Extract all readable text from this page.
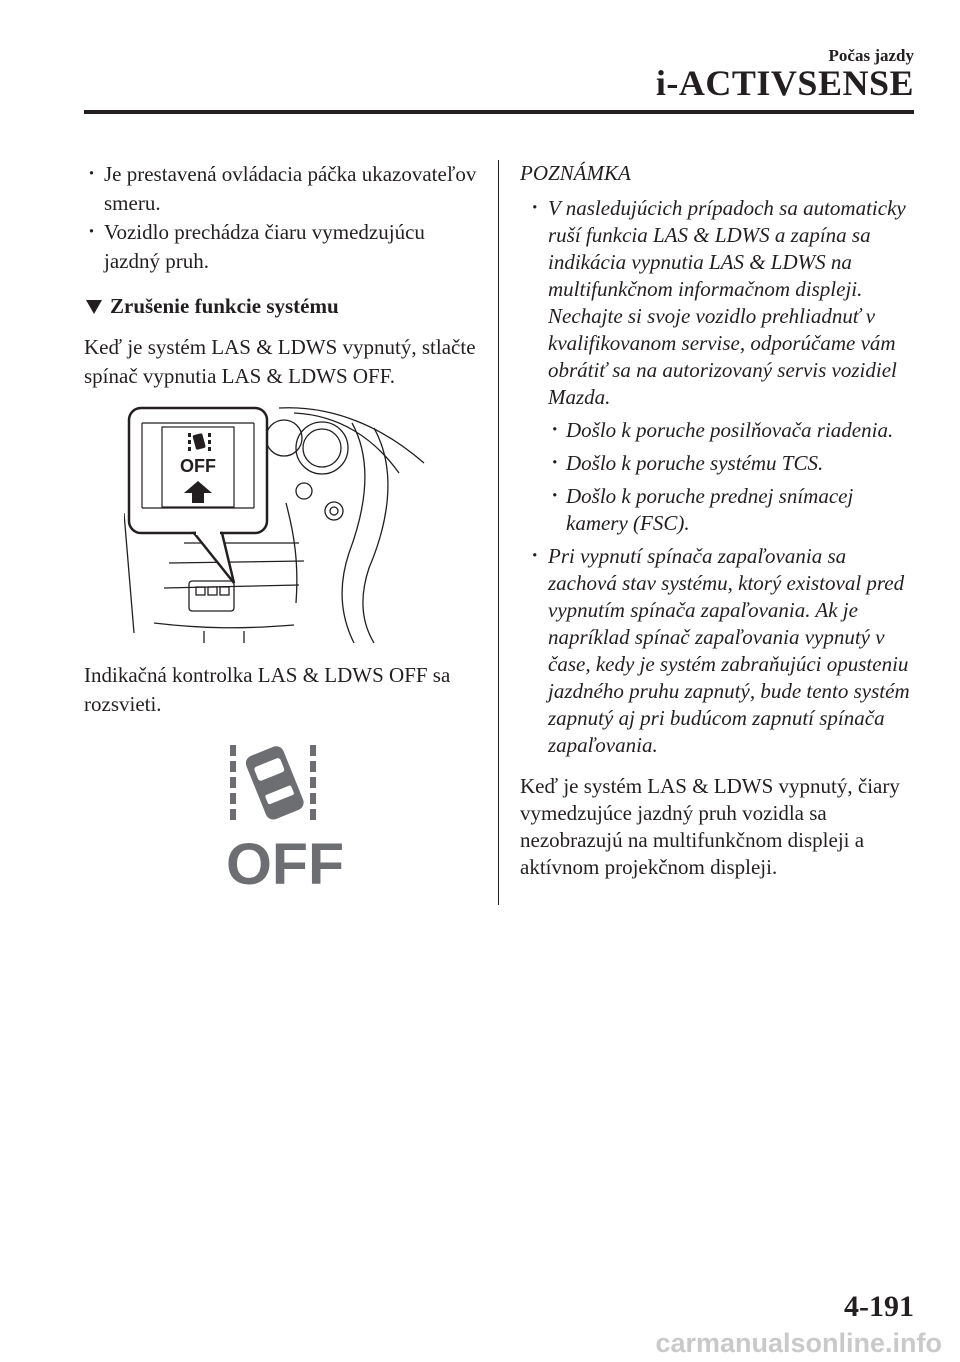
Počas jazdy
i-ACTIVSENSE

· Je prestavená ovládacia páčka ukazovateľov smeru.

· Vozidlo prechádza čiaru vymedzujúcu jazdný pruh.

Zrušenie funkcie systému

Keď je systém LAS & LDWS vypnutý, stlačte spínač vypnutia LAS & LDWS OFF.

OFF

Indikačná kontrolka LAS & LDWS OFF sa rozsvieti.

OFF

POZNÁMKA

· V nasledujúcich prípadoch sa automaticky ruší funkcia LAS & LDWS a zapína sa indikácia vypnutia LAS & LDWS na multifunkčnom informačnom displeji. Nechajte si svoje vozidlo prehliadnuť v kvalifikovanom servise, odporúčame vám obrátiť sa na autorizovaný servis vozidiel Mazda.

· Došlo k poruche posilňovača riadenia.

· Došlo k poruche systému TCS.

· Došlo k poruche prednej snímacej kamery (FSC).

· Pri vypnutí spínača zapaľovania sa zachová stav systému, ktorý existoval pred vypnutím spínača zapaľovania. Ak je napríklad spínač zapaľovania vypnutý v čase, kedy je systém zabraňujúci opusteniu jazdného pruhu zapnutý, bude tento systém zapnutý aj pri budúcom zapnutí spínača zapaľovania.

Keď je systém LAS & LDWS vypnutý, čiary vymedzujúce jazdný pruh vozidla sa nezobrazujú na multifunkčnom displeji a aktívnom projekčnom displeji.

4-191
carmanualsonline.info
